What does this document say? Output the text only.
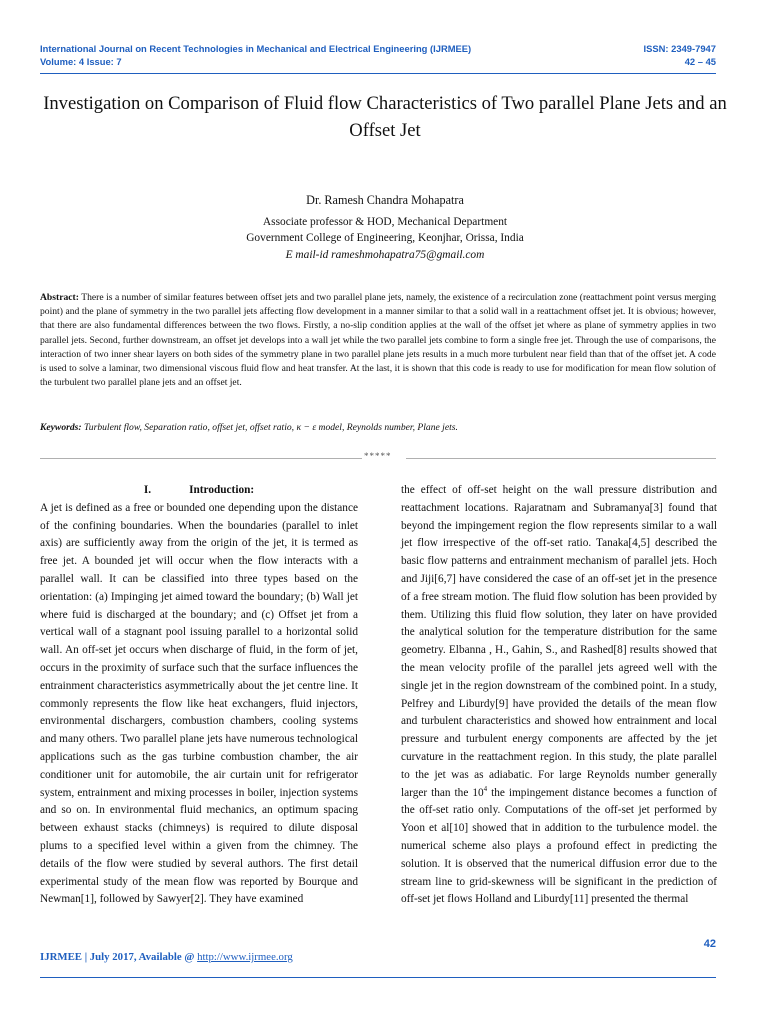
International Journal on Recent Technologies in Mechanical and Electrical Engineering (IJRMEE)
Volume: 4 Issue: 7
ISSN: 2349-7947
42 – 45
Investigation on Comparison of Fluid flow Characteristics of Two parallel Plane Jets and an Offset Jet
Dr. Ramesh Chandra Mohapatra
Associate professor & HOD, Mechanical Department
Government College of Engineering, Keonjhar, Orissa, India
E mail-id rameshmohapatra75@gmail.com
Abstract: There is a number of similar features between offset jets and two parallel plane jets, namely, the existence of a recirculation zone (reattachment point versus merging point) and the plane of symmetry in the two parallel jets affecting flow development in a manner similar to that a solid wall in a reattachment offset jet. It is obvious; however, that there are also fundamental differences between the two flows. Firstly, a no-slip condition applies at the wall of the offset jet where as plane of symmetry applies in two parallel jets. Second, further downstream, an offset jet develops into a wall jet while the two parallel jets combine to form a single free jet. Through the use of comparisons, the interaction of two inner shear layers on both sides of the symmetry plane in two parallel plane jets results in a much more turbulent near field than that of the offset jet. A code is used to solve a laminar, two dimensional viscous fluid flow and heat transfer. At the last, it is shown that this code is ready to use for modification for mean flow solution of the turbulent two parallel plane jets and an offset jet.
Keywords: Turbulent flow, Separation ratio, offset jet, offset ratio, κ − ε model, Reynolds number, Plane jets.
*****
I.	Introduction:
A jet is defined as a free or bounded one depending upon the distance of the confining boundaries. When the boundaries (parallel to inlet axis) are sufficiently away from the origin of the jet, it is termed as free jet. A bounded jet will occur when the flow interacts with a parallel wall. It can be classified into three types based on the orientation: (a) Impinging jet aimed toward the boundary; (b) Wall jet where fuid is discharged at the boundary; and (c) Offset jet from a vertical wall of a stagnant pool issuing parallel to a horizontal solid wall. An off-set jet occurs when discharge of fluid, in the form of jet, occurs in the proximity of surface such that the surface influences the entrainment characteristics asymmetrically about the jet centre line. It commonly represents the flow like heat exchangers, fluid injectors, environmental dischargers, combustion chambers, cooling systems and many others. Two parallel plane jets have numerous technological applications such as the gas turbine combustion chamber, the air conditioner unit for automobile, the air curtain unit for refrigerator system, entrainment and mixing processes in boiler, injection systems and so on. In environmental fluid mechanics, an optimum spacing between exhaust stacks (chimneys) is required to dilute disposal plums to a specified level within a given from the chimney. The details of the flow were studied by several authors. The first detail experimental study of the mean flow was reported by Bourque and Newman[1], followed by Sawyer[2]. They have examined
the effect of off-set height on the wall pressure distribution and reattachment locations. Rajaratnam and Subramanya[3] found that beyond the impingement region the flow represents similar to a wall jet flow irrespective of the off-set ratio. Tanaka[4,5] described the basic flow patterns and entrainment mechanism of parallel jets. Hoch and Jiji[6,7] have considered the case of an off-set jet in the presence of a free stream motion. The fluid flow solution has been provided by them. Utilizing this fluid flow solution, they later on have provided the analytical solution for the temperature distribution for the same geometry. Elbanna , H., Gahin, S., and Rashed[8] results showed that the mean velocity profile of the parallel jets agreed well with the single jet in the region downstream of the combined point. In a study, Pelfrey and Liburdy[9] have provided the details of the mean flow and turbulent characteristics and showed how entrainment and local pressure and turbulent energy components are affected by the jet curvature in the reattachment region. In this study, the plate parallel to the jet was as adiabatic. For large Reynolds number generally larger than the $10^4$ the impingement distance becomes a function of the off-set ratio only. Computations of the off-set jet performed by Yoon et al[10] showed that in addition to the turbulence model. the numerical scheme also plays a profound effect in predicting the solution. It is observed that the numerical diffusion error due to the stream line to grid-skewness will be significant in the prediction of off-set jet flows Holland and Liburdy[11] presented the thermal
42
IJRMEE | July 2017, Available @ http://www.ijrmee.org
